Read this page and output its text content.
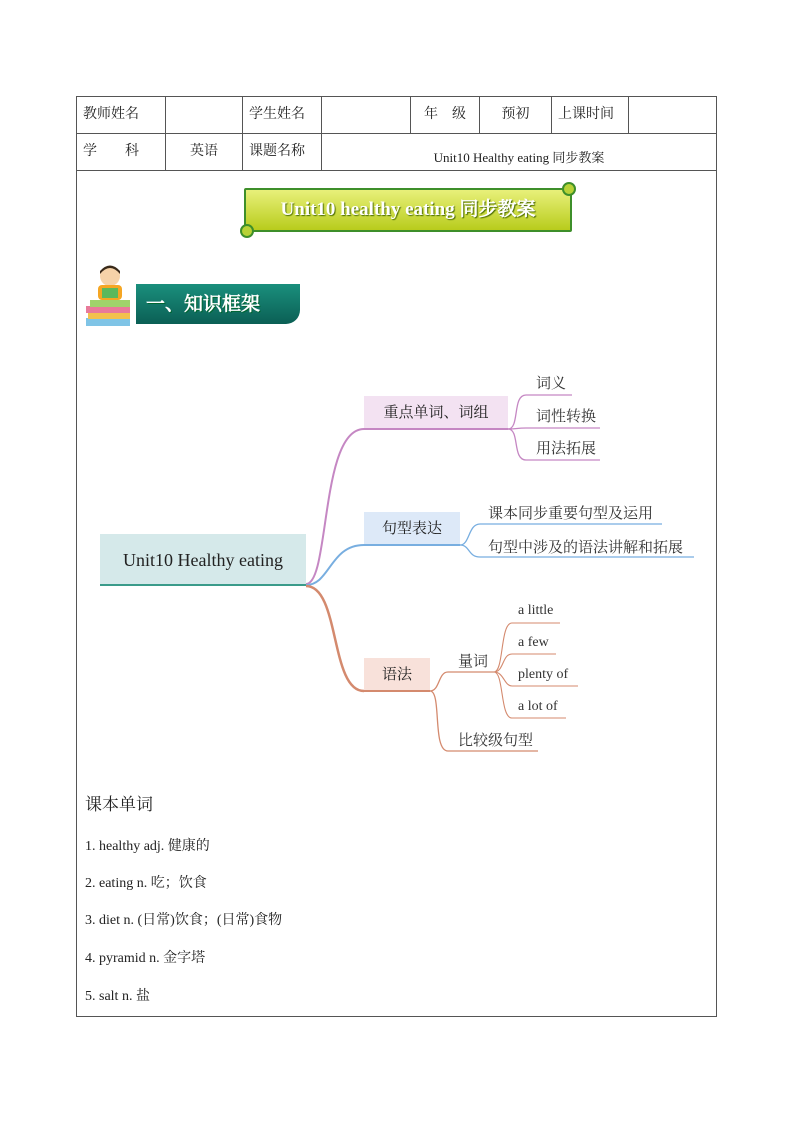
教师姓名		学生姓名		年　级	预初	上课时间	
学　　科	英语	课题名称	Unit10 Healthy eating 同步教案				
Unit10 healthy eating 同步教案
一、知识框架
Unit10 Healthy eating
重点单词、词组
词义
词性转换
用法拓展
句型表达
课本同步重要句型及运用
句型中涉及的语法讲解和拓展
语法
量词
比较级句型
a little
a few
plenty of
a lot of
课本单词
1. healthy adj. 健康的
2. eating n. 吃；饮食
3. diet n. (日常)饮食；(日常)食物
4. pyramid n. 金字塔
5. salt n. 盐
